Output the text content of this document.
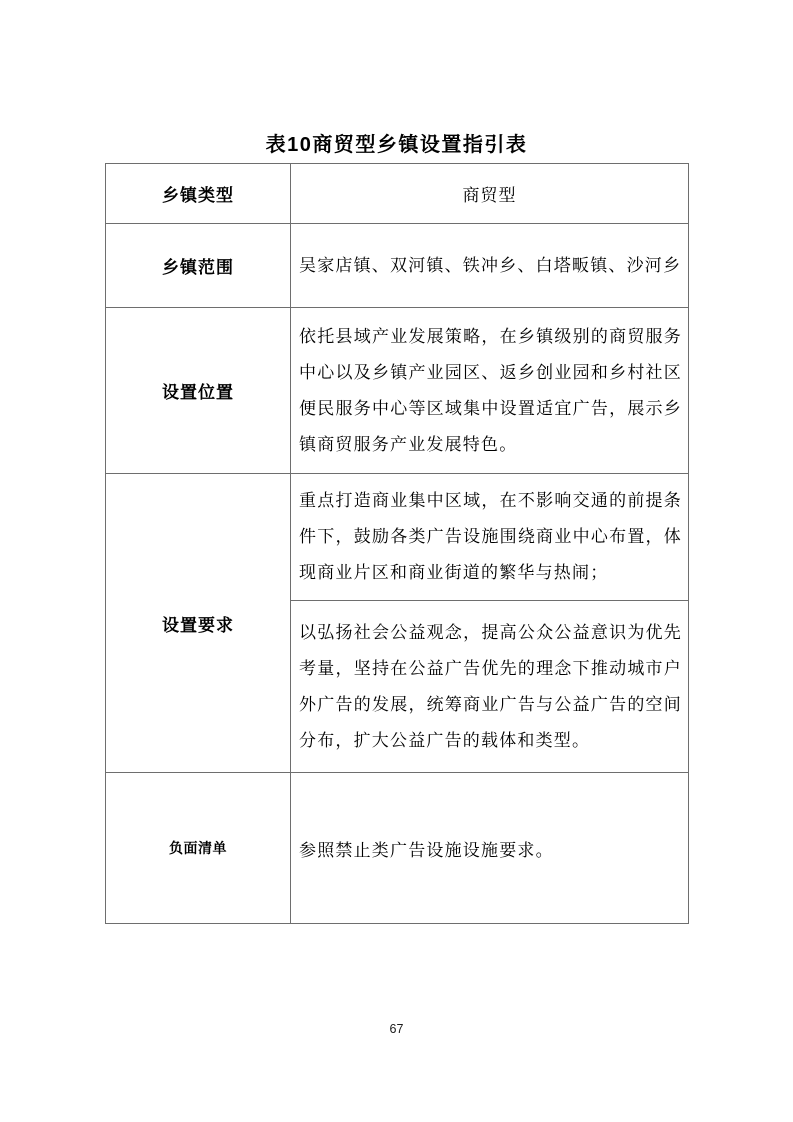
表10商贸型乡镇设置指引表
乡镇类型	商贸型
乡镇范围	吴家店镇、双河镇、铁冲乡、白塔畈镇、沙河乡
设置位置	依托县域产业发展策略，在乡镇级别的商贸服务中心以及乡镇产业园区、返乡创业园和乡村社区便民服务中心等区域集中设置适宜广告，展示乡镇商贸服务产业发展特色。
设置要求	重点打造商业集中区域，在不影响交通的前提条件下，鼓励各类广告设施围绕商业中心布置，体现商业片区和商业街道的繁华与热闹；
	以弘扬社会公益观念，提高公众公益意识为优先考量，坚持在公益广告优先的理念下推动城市户外广告的发展，统筹商业广告与公益广告的空间分布，扩大公益广告的载体和类型。
负面清单	参照禁止类广告设施设施要求。
67
